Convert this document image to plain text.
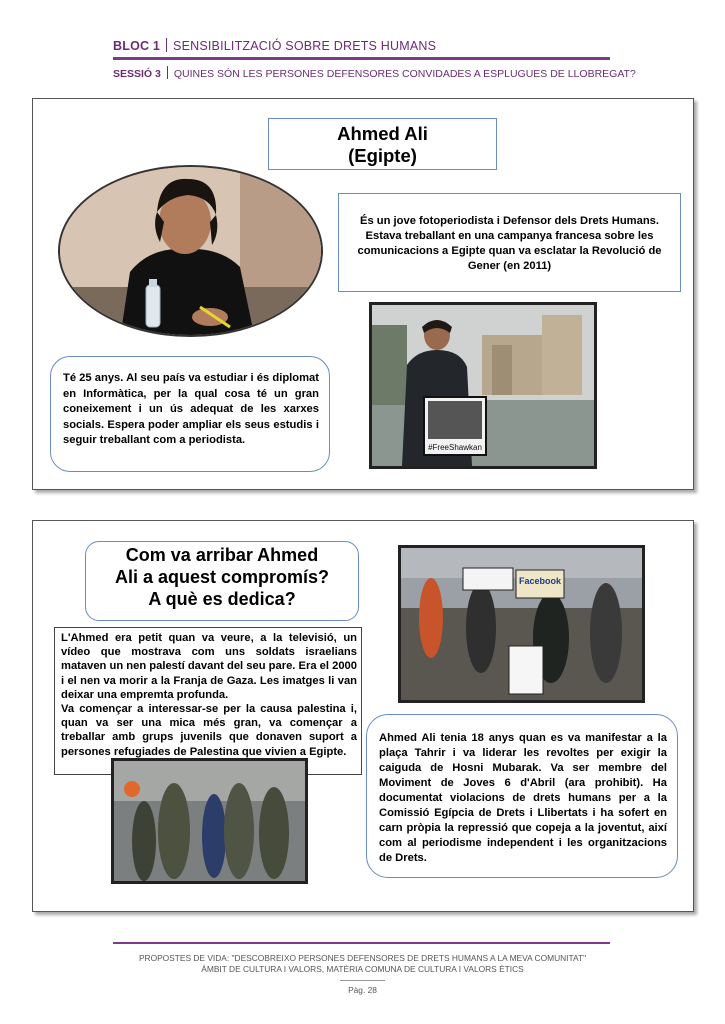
BLOC 1 SENSIBILITZACIÓ SOBRE DRETS HUMANS
SESSIÓ 3 QUINES SÓN LES PERSONES DEFENSORES CONVIDADES A ESPLUGUES DE LLOBREGAT?
Ahmed Ali
(Egipte)
És un jove fotoperiodista i Defensor dels Drets Humans. Estava treballant en una campanya francesa sobre les comunicacions a Egipte quan va esclatar la Revolució de Gener (en 2011)
#FreeShawkan
Té 25 anys. Al seu país va estudiar i és diplomat en Informàtica, per la qual cosa té un gran coneixement i un ús adequat de les xarxes socials. Espera poder ampliar els seus estudis i seguir treballant com a periodista.
Com va arribar Ahmed
Ali a aquest compromís?
A què es dedica?
L'Ahmed era petit quan va veure, a la televisió, un vídeo que mostrava com uns soldats israelians mataven un nen palestí davant del seu pare. Era el 2000 i el nen va morir a la Franja de Gaza. Les imatges li van deixar una empremta profunda.
Va començar a interessar-se per la causa palestina i, quan va ser una mica més gran, va començar a treballar amb grups juvenils que donaven suport a persones refugiades de Palestina que vivien a Egipte.
Facebook
Ahmed Ali tenia 18 anys quan es va manifestar a la plaça Tahrir i va liderar les revoltes per exigir la caiguda de Hosni Mubarak. Va ser membre del Moviment de Joves 6 d'Abril (ara prohibit). Ha documentat violacions de drets humans per a la Comissió Egípcia de Drets i Llibertats i ha sofert en carn pròpia la repressió que copeja a la joventut, així com al periodisme independent i les organitzacions de Drets.
PROPOSTES DE VIDA: "DESCOBREIXO PERSONES DEFENSORES DE DRETS HUMANS A LA MEVA COMUNITAT"
ÀMBIT DE CULTURA I VALORS, MATÈRIA COMUNA DE CULTURA I VALORS ÈTICS
Pàg. 28
